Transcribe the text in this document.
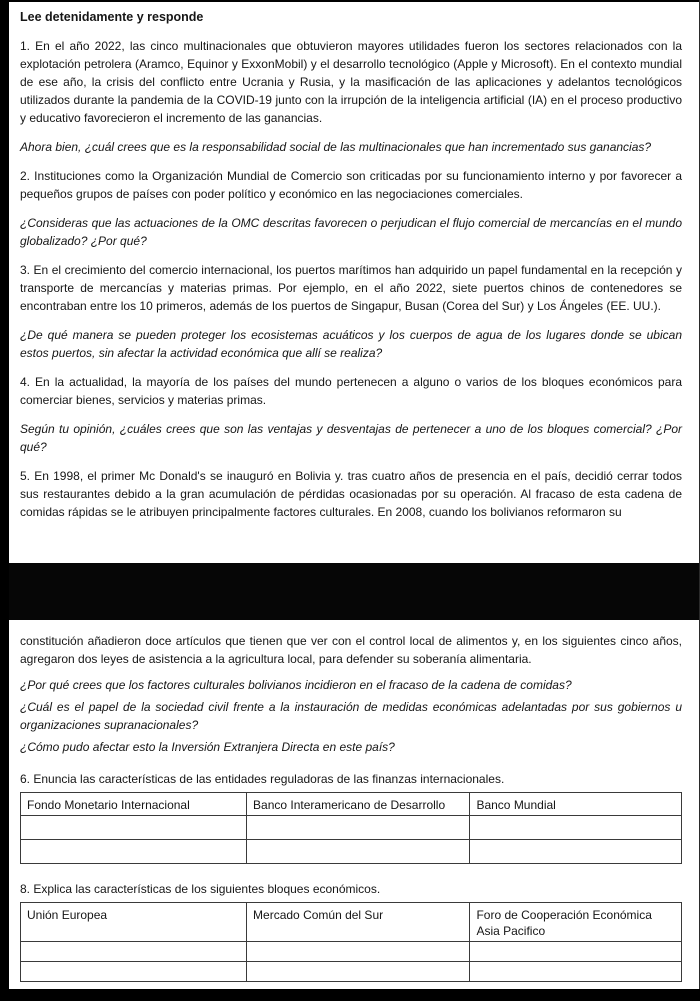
Lee detenidamente y responde

1. En el año 2022, las cinco multinacionales que obtuvieron mayores utilidades fueron los sectores relacionados con la explotación petrolera (Aramco, Equinor y ExxonMobil) y el desarrollo tecnológico (Apple y Microsoft). En el contexto mundial de ese año, la crisis del conflicto entre Ucrania y Rusia, y la masificación de las aplicaciones y adelantos tecnológicos utilizados durante la pandemia de la COVID-19 junto con la irrupción de la inteligencia artificial (IA) en el proceso productivo y educativo favorecieron el incremento de las ganancias.

Ahora bien, ¿cuál crees que es la responsabilidad social de las multinacionales que han incrementado sus ganancias?

2. Instituciones como la Organización Mundial de Comercio son criticadas por su funcionamiento interno y por favorecer a pequeños grupos de países con poder político y económico en las negociaciones comerciales.

¿Consideras que las actuaciones de la OMC descritas favorecen o perjudican el flujo comercial de mercancías en el mundo globalizado? ¿Por qué?

3. En el crecimiento del comercio internacional, los puertos marítimos han adquirido un papel fundamental en la recepción y transporte de mercancías y materias primas. Por ejemplo, en el año 2022, siete puertos chinos de contenedores se encontraban entre los 10 primeros, además de los puertos de Singapur, Busan (Corea del Sur) y Los Ángeles (EE. UU.).

¿De qué manera se pueden proteger los ecosistemas acuáticos y los cuerpos de agua de los lugares donde se ubican estos puertos, sin afectar la actividad económica que allí se realiza?

4. En la actualidad, la mayoría de los países del mundo pertenecen a alguno o varios de los bloques económicos para comerciar bienes, servicios y materias primas.

Según tu opinión, ¿cuáles crees que son las ventajas y desventajas de pertenecer a uno de los bloques comercial? ¿Por qué?

5. En 1998, el primer Mc Donald's se inauguró en Bolivia y. tras cuatro años de presencia en el país, decidió cerrar todos sus restaurantes debido a la gran acumulación de pérdidas ocasionadas por su operación. Al fracaso de esta cadena de comidas rápidas se le atribuyen principalmente factores culturales. En 2008, cuando los bolivianos reformaron su

constitución añadieron doce artículos que tienen que ver con el control local de alimentos y, en los siguientes cinco años, agregaron dos leyes de asistencia a la agricultura local, para defender su soberanía alimentaria.

¿Por qué crees que los factores culturales bolivianos incidieron en el fracaso de la cadena de comidas?

¿Cuál es el papel de la sociedad civil frente a la instauración de medidas económicas adelantadas por sus gobiernos u organizaciones supranacionales?

¿Cómo pudo afectar esto la Inversión Extranjera Directa en este país?

6. Enuncia las características de las entidades reguladoras de las finanzas internacionales.

Fondo Monetario Internacional	Banco Interamericano de Desarrollo	Banco Mundial

8. Explica las características de los siguientes bloques económicos.

Unión Europea	Mercado Común del Sur	Foro de Cooperación Económica Asia Pacifico
